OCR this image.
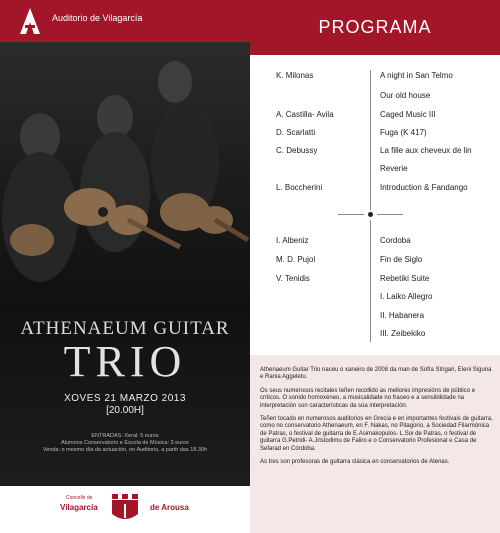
Auditorio de Vilagarcía
ATHENAEUM GUITAR
TRIO
XOVES 21 MARZO 2013
[20.00H]
ENTRADAS: Xeral: 5 euros
Alumnos Conservatorio e Escola de Música: 3 euros
Venda: o mesmo día da actuación, no Auditorio, a partir das 18.30h
Concello de
Vilagarcía	de Arousa
PROGRAMA
K. Milonas
A. Castilla- Avila
D. Scarlatti
C. Debussy
L. Boccherini
I. Albeniz
M. D. Pujol
V. Tenidis
A night in San Telmo
Our old house
Caged Music III
Fuga (K 417)
La fille aux cheveux de lin
Reverie
Introduction & Fandango
Cordoba
Fin de Siglo
Rebetiki Suite
I. Laiko Allegro
II. Habanera
III. Zeibekiko

Athenaeum Guitar Trio naceu o xaneiro de 2008 da man de Sofía Strigari, Eleni Siguna e Rania Aggeletu.

Os seus numerosos recitales teñen recollido as mellores impresións de público e críticos. O sonido homoxéneo, a musicalidade no fraseo e a sensibilidade na interpretación son características da súa interpretación.

Teñen tocado en numerosos auditorios en Grecia e en importantes festivais de guitarra, como no conservatorio Athenaeum, en F. Nakas, no Pitagorio, a Sociedad Filarmónica de Patras, o festival de guitarra de E.Asimakopulos- L.Soi de Patras, o festival de guitarra G.Petridi- A.Jristodimu de Faliro e o Conservatorio Profesional e Casa de Sefarad en Córdoba.

As tres son profesoras de guitarra clásica en conservatorios de Atenas.
